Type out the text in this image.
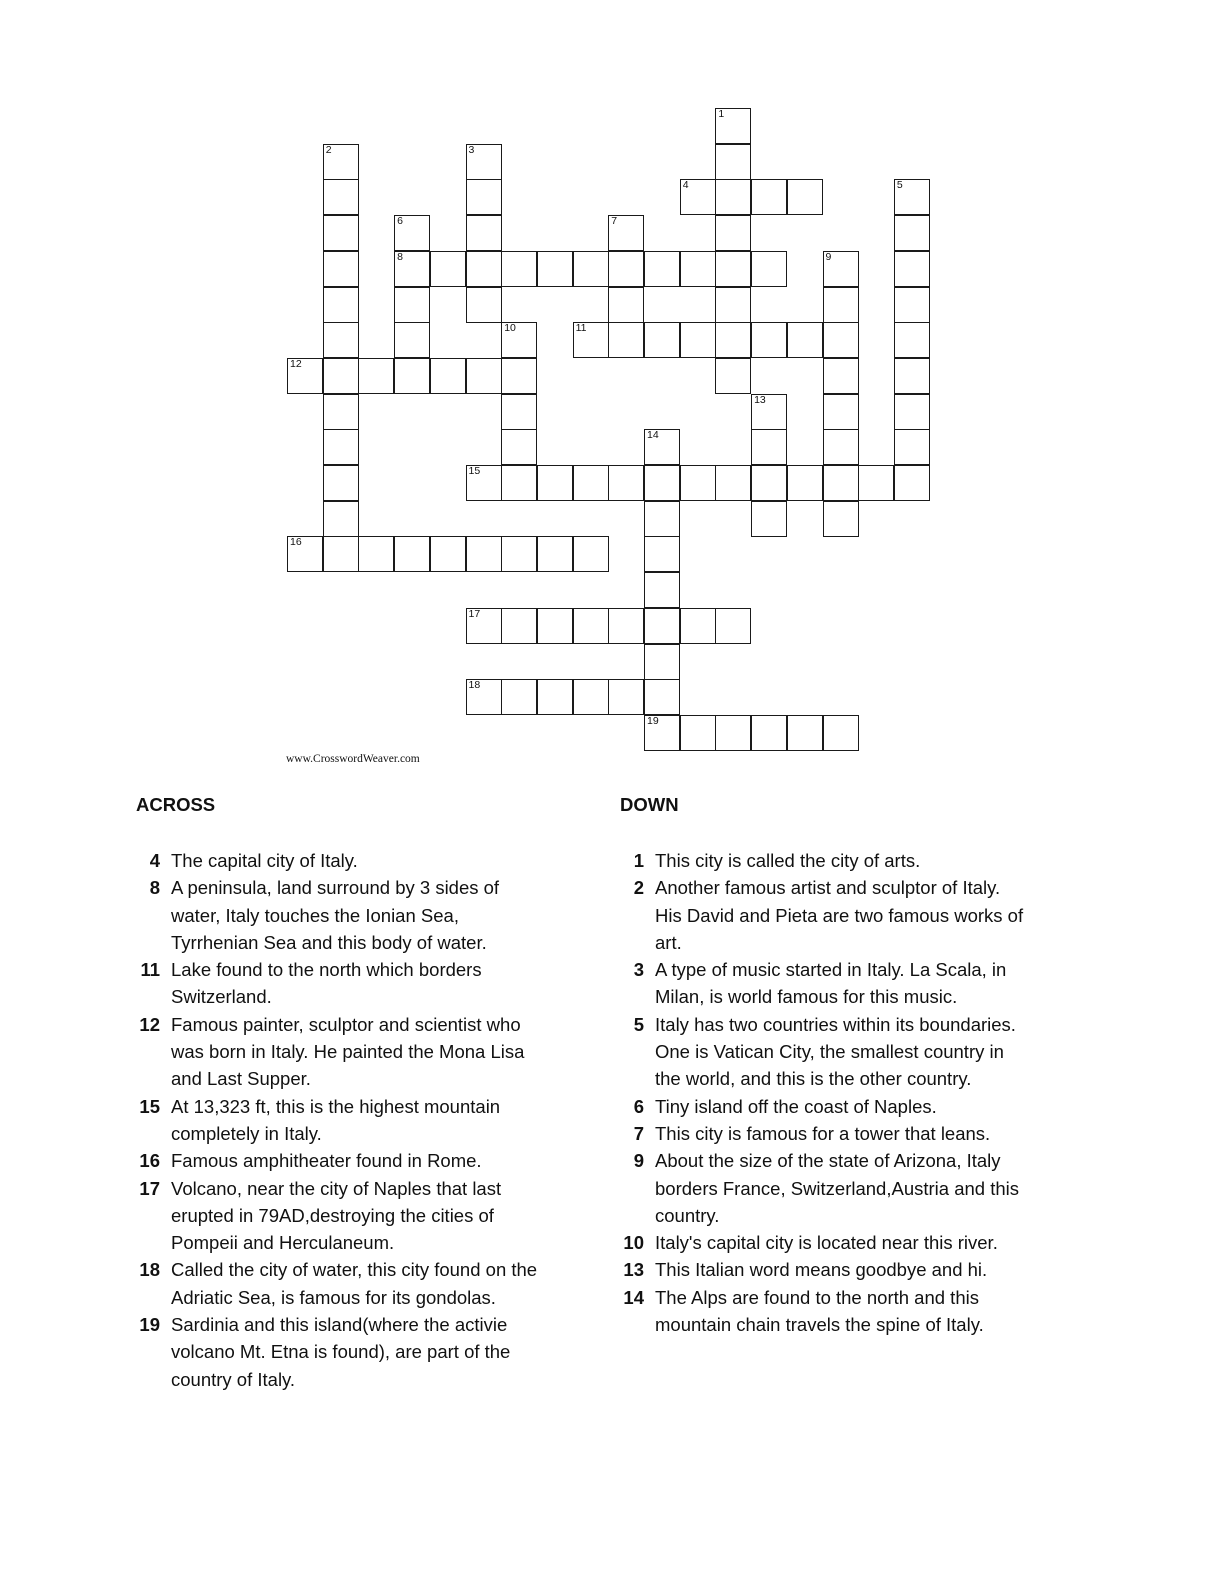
1
2	3
4	5
6
8
7
9
10	11
12
13
14
15
16
17
18
19
www.CrosswordWeaver.com
ACROSS	DOWN
4 The capital city of Italy.
8 A peninsula, land surround by 3 sides of water, Italy touches the Ionian Sea, Tyrrhenian Sea and this body of water.
11 Lake found to the north which borders Switzerland.
12 Famous painter, sculptor and scientist who was born in Italy. He painted the Mona Lisa and Last Supper.
15 At 13,323 ft, this is the highest mountain completely in Italy.
16 Famous amphitheater found in Rome.
17 Volcano, near the city of Naples that last erupted in 79AD,destroying the cities of Pompeii and Herculaneum.
18 Called the city of water, this city found on the Adriatic Sea, is famous for its gondolas.
19 Sardinia and this island(where the activie volcano Mt. Etna is found), are part of the country of Italy.
1 This city is called the city of arts.
2 Another famous artist and sculptor of Italy. His David and Pieta are two famous works of art.
3 A type of music started in Italy. La Scala, in Milan, is world famous for this music.
5 Italy has two countries within its boundaries. One is Vatican City, the smallest country in the world, and this is the other country.
6 Tiny island off the coast of Naples.
7 This city is famous for a tower that leans.
9 About the size of the state of Arizona, Italy borders France, Switzerland,Austria and this country.
10 Italy's capital city is located near this river.
13 This Italian word means goodbye and hi.
14 The Alps are found to the north and this mountain chain travels the spine of Italy.
